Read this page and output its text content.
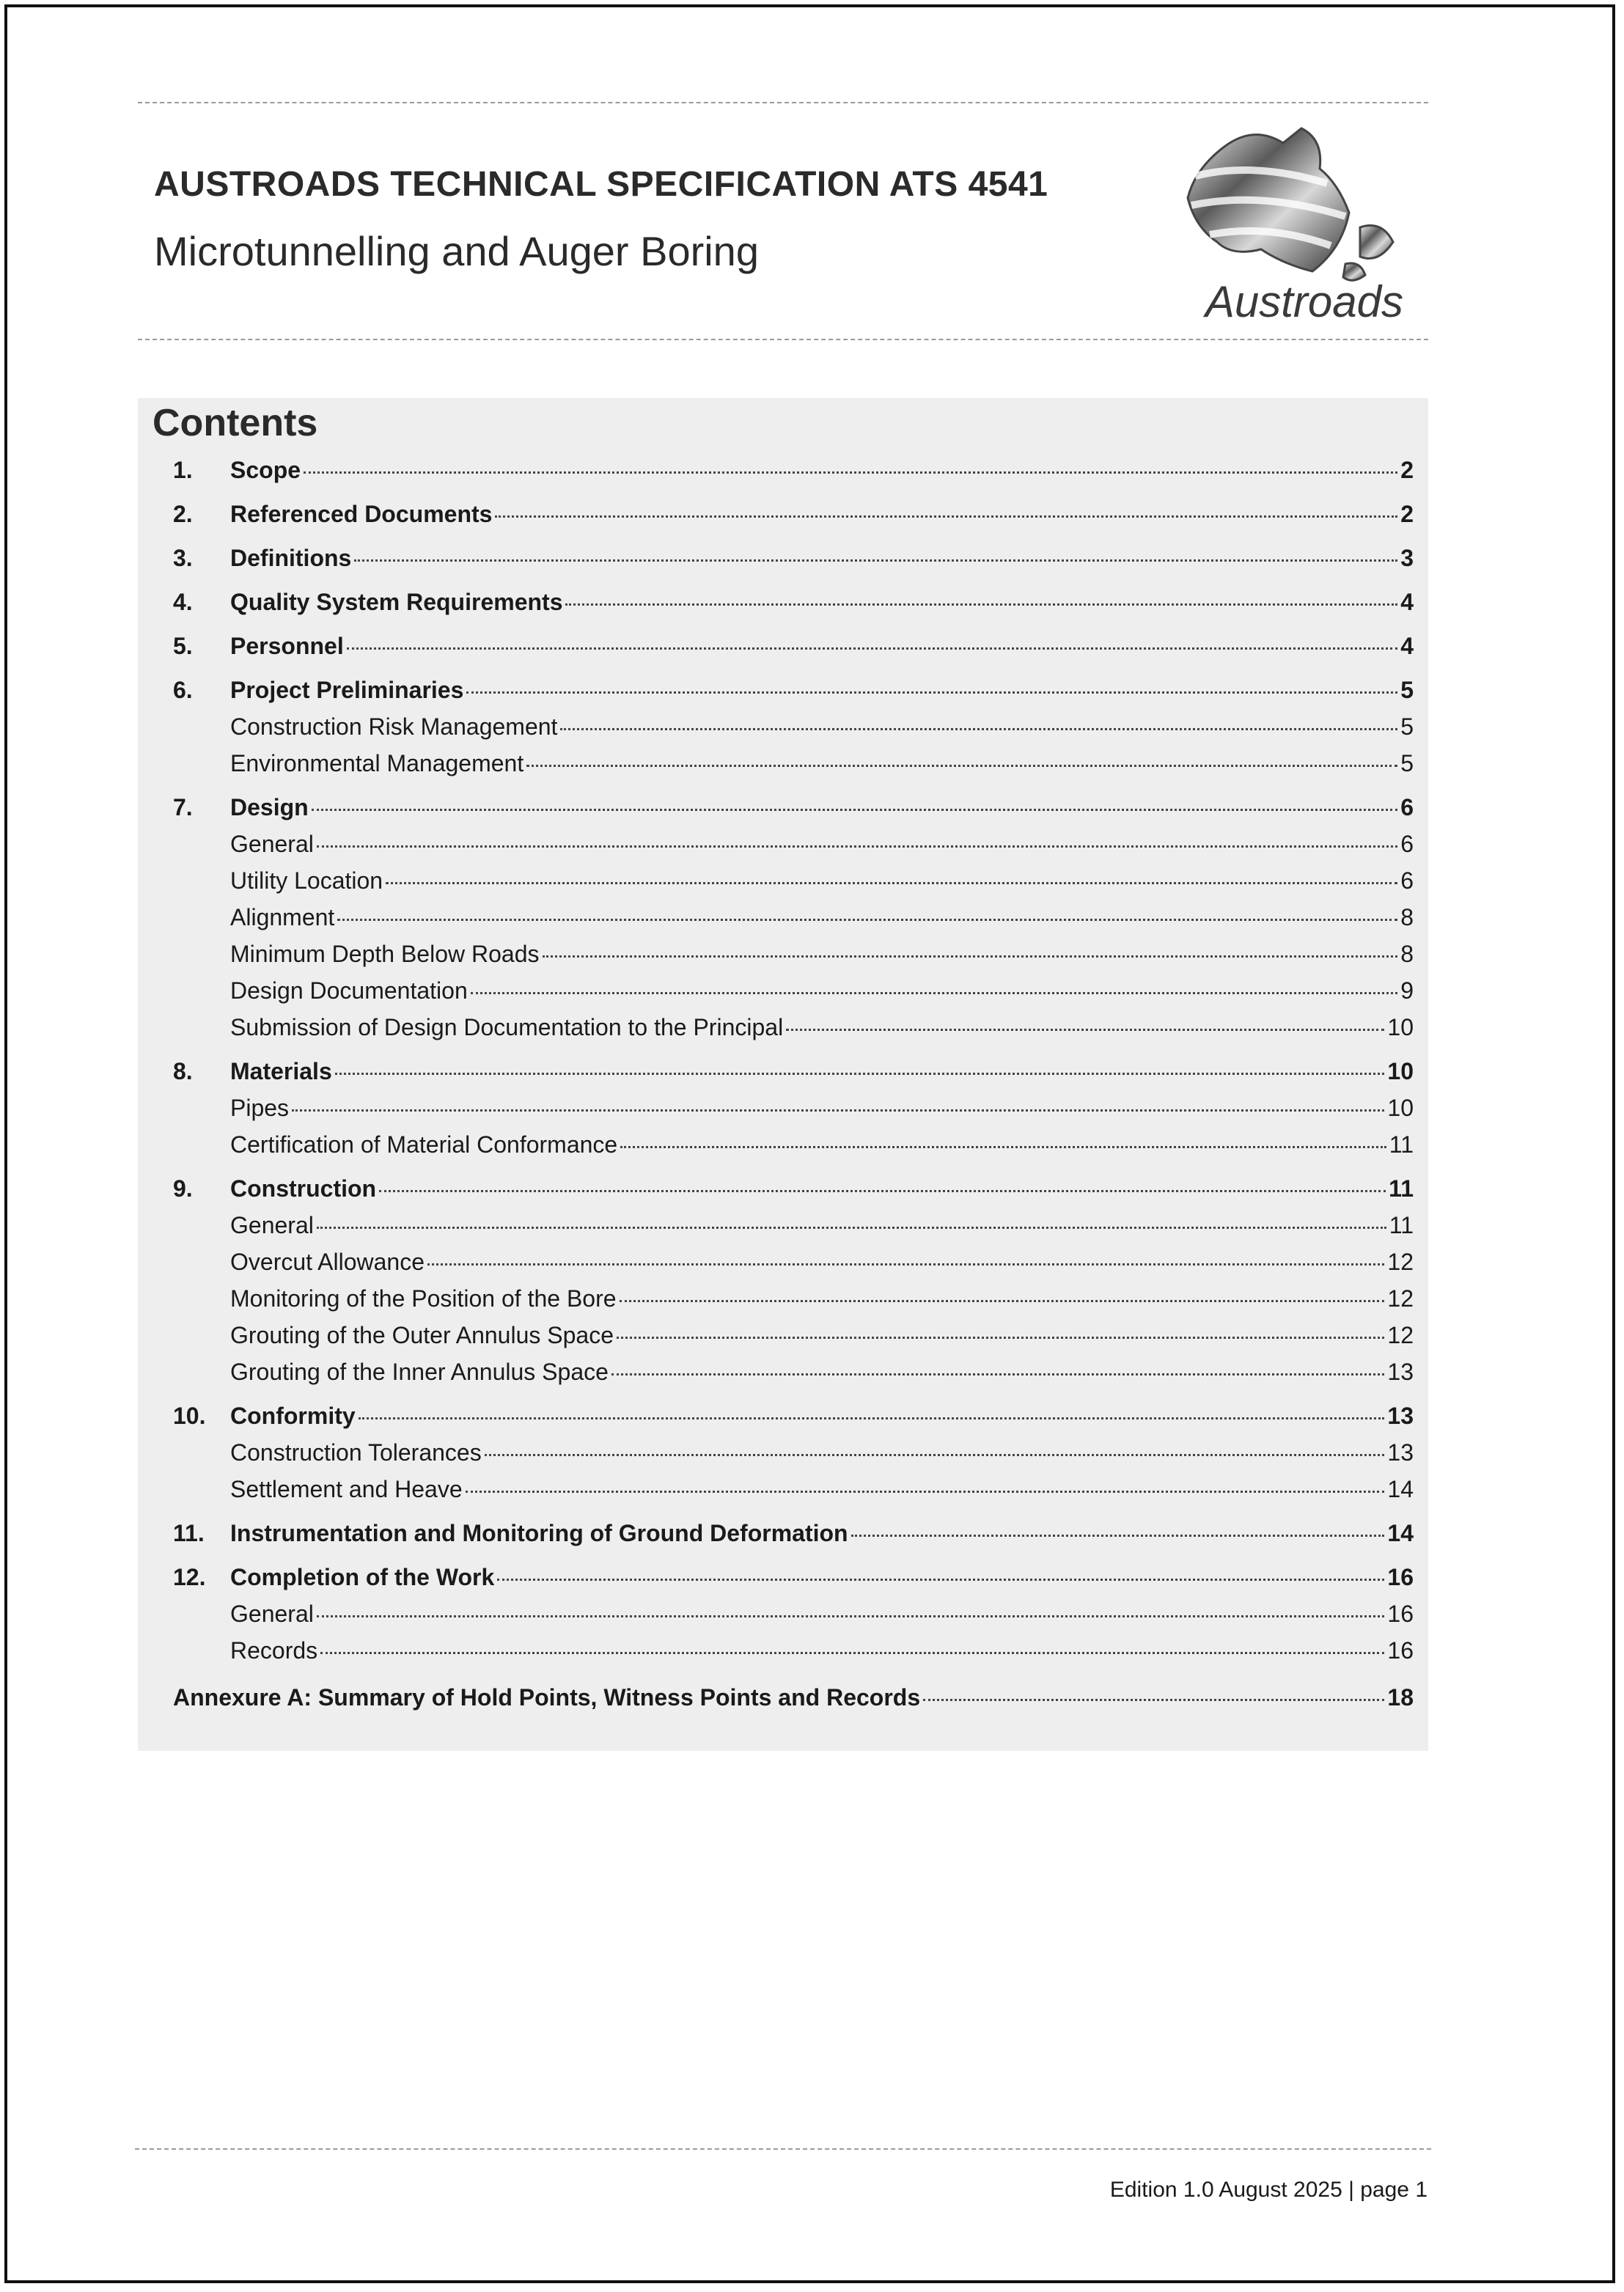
AUSTROADS TECHNICAL SPECIFICATION ATS 4541
Microtunnelling and Auger Boring
Austroads
Contents
1. Scope	2
2. Referenced Documents	2
3. Definitions	3
4. Quality System Requirements	4
5. Personnel	4
6. Project Preliminaries	5
Construction Risk Management	5
Environmental Management	5
7. Design	6
General	6
Utility Location	6
Alignment	8
Minimum Depth Below Roads	8
Design Documentation	9
Submission of Design Documentation to the Principal	10
8. Materials	10
Pipes	10
Certification of Material Conformance	11
9. Construction	11
General	11
Overcut Allowance	12
Monitoring of the Position of the Bore	12
Grouting of the Outer Annulus Space	12
Grouting of the Inner Annulus Space	13
10. Conformity	13
Construction Tolerances	13
Settlement and Heave	14
11. Instrumentation and Monitoring of Ground Deformation	14
12. Completion of the Work	16
General	16
Records	16
Annexure A: Summary of Hold Points, Witness Points and Records	18
Edition 1.0 August 2025 | page 1
